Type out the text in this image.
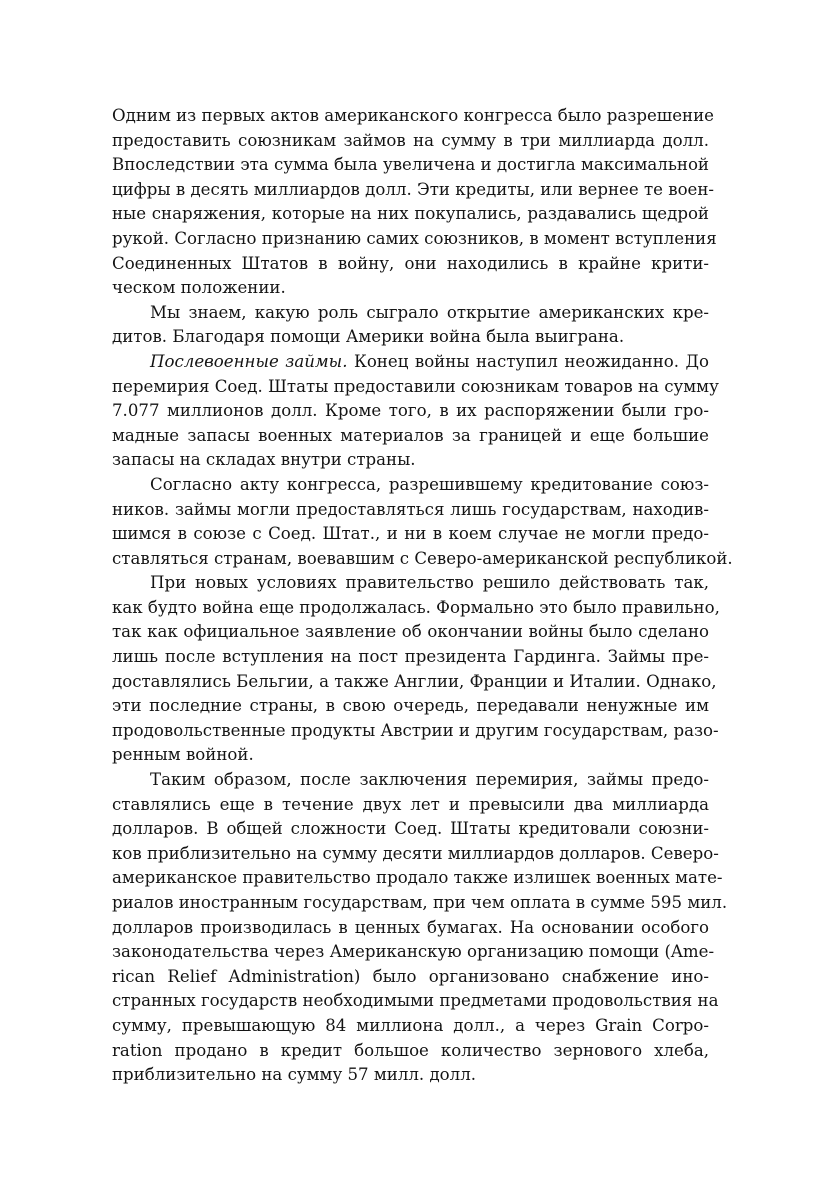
Одним из первых актов американского конгресса было разрешение
предоставить союзникам займов на сумму в три миллиарда долл.
Впоследствии эта сумма была увеличена и достигла максимальной
цифры в десять миллиардов долл. Эти кредиты, или вернее те воен-
ные снаряжения, которые на них покупались, раздавались щедрой
рукой. Согласно признанию самих союзников, в момент вступления
Соединенных Штатов в войну, они находились в крайне крити-
ческом положении.
Мы знаем, какую роль сыграло открытие американских кре-
дитов. Благодаря помощи Америки война была выиграна.
Послевоенные займы. Конец войны наступил неожиданно. До
перемирия Соед. Штаты предоставили союзникам товаров на сумму
7.077 миллионов долл. Кроме того, в их распоряжении были гро-
мадные запасы военных материалов за границей и еще большие
запасы на складах внутри страны.
Согласно акту конгресса, разрешившему кредитование союз-
ников. займы могли предоставляться лишь государствам, находив-
шимся в союзе с Соед. Штат., и ни в коем случае не могли предо-
ставляться странам, воевавшим с Северо-американской республикой.
При новых условиях правительство решило действовать так,
как будто война еще продолжалась. Формально это было правильно,
так как официальное заявление об окончании войны было сделано
лишь после вступления на пост президента Гардинга. Займы пре-
доставлялись Бельгии, а также Англии, Франции и Италии. Однако,
эти последние страны, в свою очередь, передавали ненужные им
продовольственные продукты Австрии и другим государствам, разо-
ренным войной.
Таким образом, после заключения перемирия, займы предо-
ставлялись еще в течение двух лет и превысили два миллиарда
долларов. В общей сложности Соед. Штаты кредитовали союзни-
ков приблизительно на сумму десяти миллиардов долларов. Северо-
американское правительство продало также излишек военных мате-
риалов иностранным государствам, при чем оплата в сумме 595 мил.
долларов производилась в ценных бумагах. На основании особого
законодательства через Американскую организацию помощи (Ame-
rican Relief Administration) было организовано снабжение ино-
странных государств необходимыми предметами продовольствия на
сумму, превышающую 84 миллиона долл., а через Grain Corpo-
ration продано в кредит большое количество зернового хлеба,
приблизительно на сумму 57 милл. долл.
